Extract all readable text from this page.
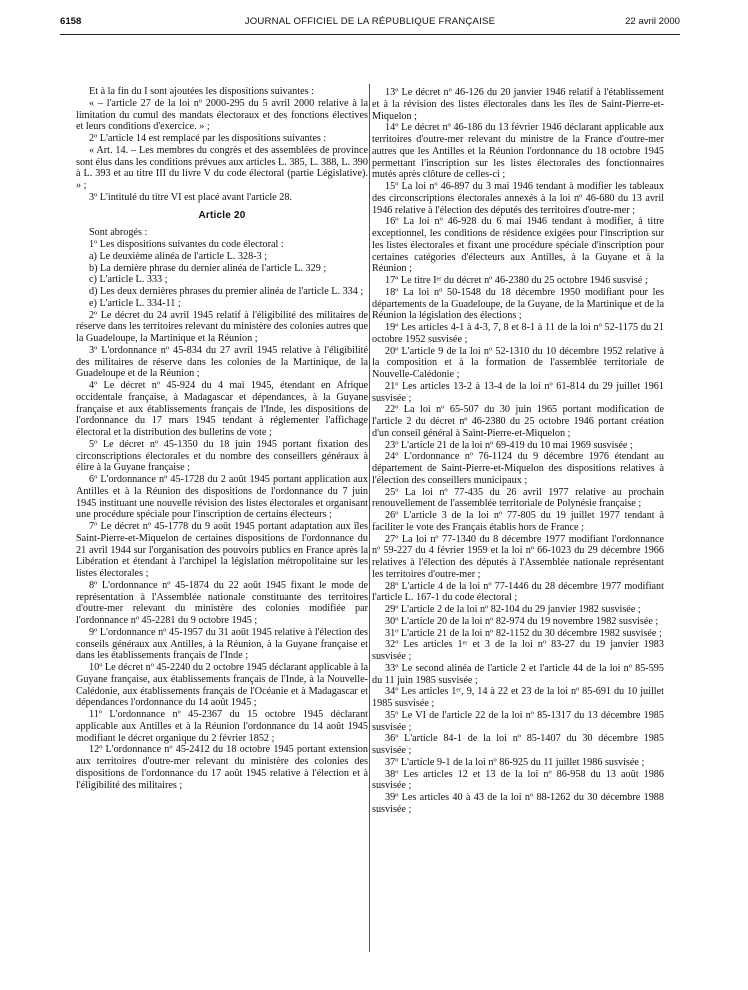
6158	JOURNAL OFFICIEL DE LA RÉPUBLIQUE FRANÇAISE	22 avril 2000

Et à la fin du I sont ajoutées les dispositions suivantes :

« – l'article 27 de la loi nº 2000-295 du 5 avril 2000 relative à la limitation du cumul des mandats électoraux et des fonctions électives et leurs conditions d'exercice. » ;

2º L'article 14 est remplacé par les dispositions suivantes :

« Art. 14. – Les membres du congrès et des assemblées de province sont élus dans les conditions prévues aux articles L. 385, L. 388, L. 390 à L. 393 et au titre III du livre V du code électoral (partie Législative). » ;

3º L'intitulé du titre VI est placé avant l'article 28.

Article 20

Sont abrogés :

1º Les dispositions suivantes du code électoral :

a) Le deuxième alinéa de l'article L. 328-3 ;

b) La dernière phrase du dernier alinéa de l'article L. 329 ;

c) L'article L. 333 ;

d) Les deux dernières phrases du premier alinéa de l'article L. 334 ;

e) L'article L. 334-11 ;

2º Le décret du 24 avril 1945 relatif à l'éligibilité des militaires de réserve dans les territoires relevant du ministère des colonies autres que la Guadeloupe, la Martinique et la Réunion ;

3º L'ordonnance nº 45-834 du 27 avril 1945 relative à l'éligibilité des militaires de réserve dans les colonies de la Martinique, de la Guadeloupe et de la Réunion ;

4º Le décret nº 45-924 du 4 mai 1945, étendant en Afrique occidentale française, à Madagascar et dépendances, à la Guyane française et aux établissements français de l'Inde, les dispositions de l'ordonnance du 17 mars 1945 tendant à réglementer l'affichage électoral et la distribution des bulletins de vote ;

5º Le décret nº 45-1350 du 18 juin 1945 portant fixation des circonscriptions électorales et du nombre des conseillers généraux à élire à la Guyane française ;

6º L'ordonnance nº 45-1728 du 2 août 1945 portant application aux Antilles et à la Réunion des dispositions de l'ordonnance du 7 juin 1945 instituant une nouvelle révision des listes électorales et organisant une procédure spéciale pour l'inscription de certains électeurs ;

7º Le décret nº 45-1778 du 9 août 1945 portant adaptation aux îles Saint-Pierre-et-Miquelon de certaines dispositions de l'ordonnance du 21 avril 1944 sur l'organisation des pouvoirs publics en France après la Libération et étendant à l'archipel la législation métropolitaine sur les listes électorales ;

8º L'ordonnance nº 45-1874 du 22 août 1945 fixant le mode de représentation à l'Assemblée nationale constituante des territoires d'outre-mer relevant du ministère des colonies modifiée par l'ordonnance nº 45-2281 du 9 octobre 1945 ;

9º L'ordonnance nº 45-1957 du 31 août 1945 relative à l'élection des conseils généraux aux Antilles, à la Réunion, à la Guyane française et dans les établissements français de l'Inde ;

10º Le décret nº 45-2240 du 2 octobre 1945 déclarant applicable à la Guyane française, aux établissements français de l'Inde, à la Nouvelle-Calédonie, aux établissements français de l'Océanie et à Madagascar et dépendances l'ordonnance du 14 août 1945 ;

11º L'ordonnance nº 45-2367 du 15 octobre 1945 déclarant applicable aux Antilles et à la Réunion l'ordonnance du 14 août 1945 modifiant le décret organique du 2 février 1852 ;

12º L'ordonnance nº 45-2412 du 18 octobre 1945 portant extension aux territoires d'outre-mer relevant du ministère des colonies des dispositions de l'ordonnance du 17 août 1945 relative à l'élection et à l'éligibilité des militaires ;

13º Le décret nº 46-126 du 20 janvier 1946 relatif à l'établissement et à la révision des listes électorales dans les îles de Saint-Pierre-et-Miquelon ;

14º Le décret nº 46-186 du 13 février 1946 déclarant applicable aux territoires d'outre-mer relevant du ministre de la France d'outre-mer autres que les Antilles et la Réunion l'ordonnance du 18 octobre 1945 permettant l'inscription sur les listes électorales des fonctionnaires mutés après clôture de celles-ci ;

15º La loi nº 46-897 du 3 mai 1946 tendant à modifier les tableaux des circonscriptions électorales annexés à la loi nº 46-680 du 13 avril 1946 relative à l'élection des députés des territoires d'outre-mer ;

16º La loi nº 46-928 du 6 mai 1946 tendant à modifier, à titre exceptionnel, les conditions de résidence exigées pour l'inscription sur les listes électorales et fixant une procédure spéciale d'inscription pour certaines catégories d'électeurs aux Antilles, à la Guyane et à la Réunion ;

17º Le titre Iᵉʳ du décret nº 46-2380 du 25 octobre 1946 susvisé ;

18º La loi nº 50-1548 du 18 décembre 1950 modifiant pour les départements de la Guadeloupe, de la Guyane, de la Martinique et de la Réunion la législation des élections ;

19º Les articles 4-1 à 4-3, 7, 8 et 8-1 à 11 de la loi nº 52-1175 du 21 octobre 1952 susvisée ;

20º L'article 9 de la loi nº 52-1310 du 10 décembre 1952 relative à la composition et à la formation de l'assemblée territoriale de Nouvelle-Calédonie ;

21º Les articles 13-2 à 13-4 de la loi nº 61-814 du 29 juillet 1961 susvisée ;

22º La loi nº 65-507 du 30 juin 1965 portant modification de l'article 2 du décret nº 46-2380 du 25 octobre 1946 portant création d'un conseil général à Saint-Pierre-et-Miquelon ;

23º L'article 21 de la loi nº 69-419 du 10 mai 1969 susvisée ;

24º L'ordonnance nº 76-1124 du 9 décembre 1976 étendant au département de Saint-Pierre-et-Miquelon des dispositions relatives à l'élection des conseillers municipaux ;

25º La loi nº 77-435 du 26 avril 1977 relative au prochain renouvellement de l'assemblée territoriale de Polynésie française ;

26º L'article 3 de la loi nº 77-805 du 19 juillet 1977 tendant à faciliter le vote des Français établis hors de France ;

27º La loi nº 77-1340 du 8 décembre 1977 modifiant l'ordonnance nº 59-227 du 4 février 1959 et la loi nº 66-1023 du 29 décembre 1966 relatives à l'élection des députés à l'Assemblée nationale représentant les territoires d'outre-mer ;

28º L'article 4 de la loi nº 77-1446 du 28 décembre 1977 modifiant l'article L. 167-1 du code électoral ;

29º L'article 2 de la loi nº 82-104 du 29 janvier 1982 susvisée ;

30º L'article 20 de la loi nº 82-974 du 19 novembre 1982 susvisée ;

31º L'article 21 de la loi nº 82-1152 du 30 décembre 1982 susvisée ;

32º Les articles 1ᵉʳ et 3 de la loi nº 83-27 du 19 janvier 1983 susvisée ;

33º Le second alinéa de l'article 2 et l'article 44 de la loi nº 85-595 du 11 juin 1985 susvisée ;

34º Les articles 1ᵉʳ, 9, 14 à 22 et 23 de la loi nº 85-691 du 10 juillet 1985 susvisée ;

35º Le VI de l'article 22 de la loi nº 85-1317 du 13 décembre 1985 susvisée ;

36º L'article 84-1 de la loi nº 85-1407 du 30 décembre 1985 susvisée ;

37º L'article 9-1 de la loi nº 86-925 du 11 juillet 1986 susvisée ;

38º Les articles 12 et 13 de la loi nº 86-958 du 13 août 1986 susvisée ;

39º Les articles 40 à 43 de la loi nº 88-1262 du 30 décembre 1988 susvisée ;
